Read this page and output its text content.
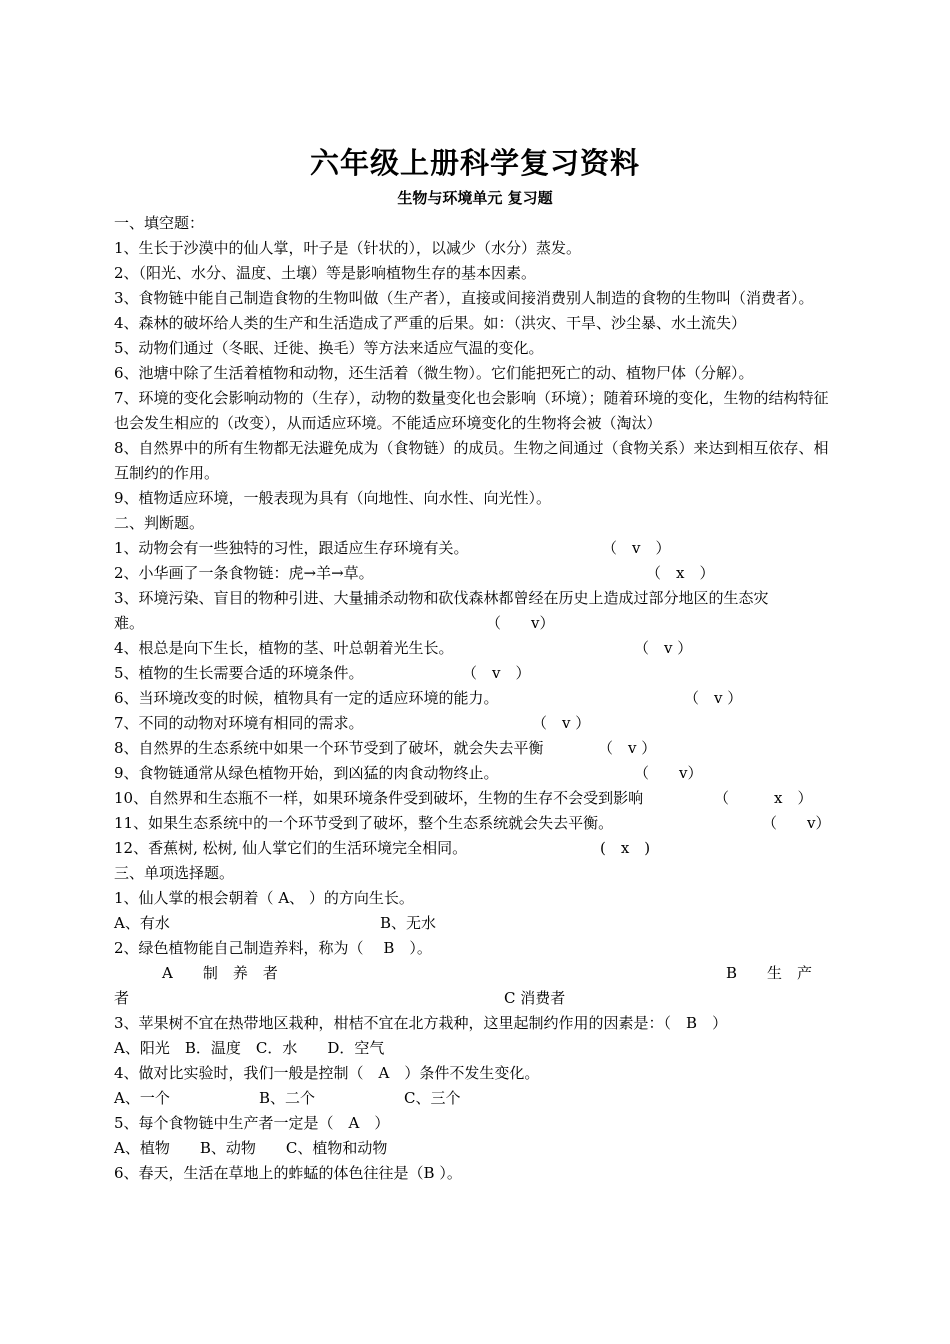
六年级上册科学复习资料
生物与环境单元 复习题
一、填空题：
1、生长于沙漠中的仙人掌，叶子是（针状的），以减少（水分）蒸发。
2、（阳光、水分、温度、土壤）等是影响植物生存的基本因素。
3、食物链中能自己制造食物的生物叫做（生产者），直接或间接消费别人制造的食物的生物叫（消费者）。
4、森林的破坏给人类的生产和生活造成了严重的后果。如：（洪灾、干旱、沙尘暴、水土流失）
5、动物们通过（冬眠、迁徙、换毛）等方法来适应气温的变化。
6、池塘中除了生活着植物和动物，还生活着（微生物）。它们能把死亡的动、植物尸体（分解）。
7、环境的变化会影响动物的（生存），动物的数量变化也会影响（环境）；随着环境的变化，生物的结构特征也会发生相应的（改变），从而适应环境。不能适应环境变化的生物将会被（淘汰）
8、自然界中的所有生物都无法避免成为（食物链）的成员。生物之间通过（食物关系）来达到相互依存、相互制约的作用。
9、植物适应环境，一般表现为具有（向地性、向水性、向光性）。
二、判断题。
1、动物会有一些独特的习性，跟适应生存环境有关。	（　v　）
2、小华画了一条食物链：虎→羊→草。	（　x　）
3、环境污染、盲目的物种引进、大量捕杀动物和砍伐森林都曾经在历史上造成过部分地区的生态灾
难。	（　　v）
4、根总是向下生长，植物的茎、叶总朝着光生长。	（　v ）
5、植物的生长需要合适的环境条件。	（　v　）
6、当环境改变的时候，植物具有一定的适应环境的能力。	（　v ）
7、不同的动物对环境有相同的需求。	（　v ）
8、自然界的生态系统中如果一个环节受到了破坏，就会失去平衡	（　v ）
9、食物链通常从绿色植物开始，到凶猛的肉食动物终止。	（　　v）
10、自然界和生态瓶不一样，如果环境条件受到破坏，生物的生存不会受到影响	（　　　x　）
11、如果生态系统中的一个环节受到了破坏，整个生态系统就会失去平衡。	（　　v）
12、香蕉树, 松树, 仙人掌它们的生活环境完全相同。	(　x　)
三、单项选择题。
1、仙人掌的根会朝着（ A、 ）的方向生长。
A、有水	B、无水
2、绿色植物能自己制造养料，称为（　 B　）。
A　　制　养　者	B　　生　产
者	C 消费者
3、苹果树不宜在热带地区栽种，柑桔不宜在北方栽种，这里起制约作用的因素是：（　B　）
A、阳光　B．温度　C．水　　D．空气
4、做对比实验时，我们一般是控制（　A　）条件不发生变化。
A、一个	B、二个	C、三个
5、每个食物链中生产者一定是（　A　）
A、植物　　B、动物　　C、植物和动物
6、春天，生活在草地上的蚱蜢的体色往往是（B ）。
